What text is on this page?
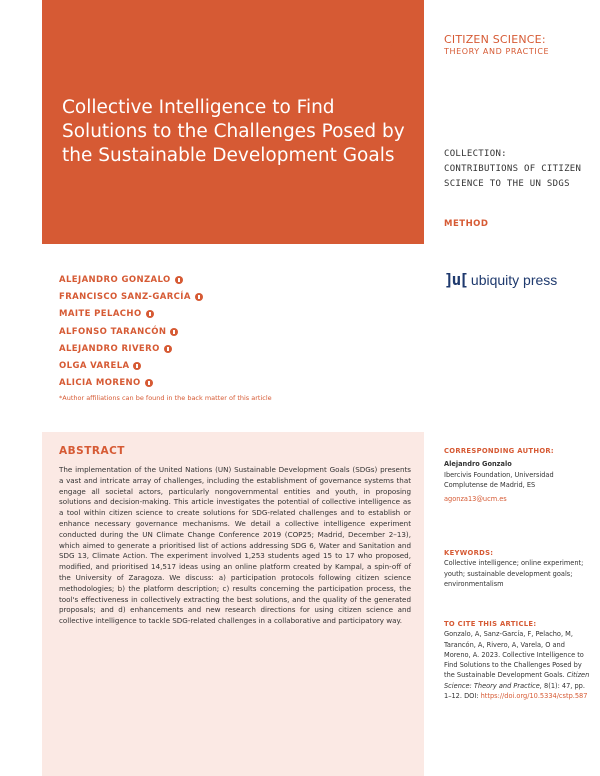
Collective Intelligence to Find Solutions to the Challenges Posed by the Sustainable Development Goals
CITIZEN SCIENCE:
THEORY AND PRACTICE
COLLECTION: CONTRIBUTIONS OF CITIZEN SCIENCE TO THE UN SDGS
METHOD
]u[ ubiquity press
ALEJANDRO GONZALO
FRANCISCO SANZ-GARCÍA
MAITE PELACHO
ALFONSO TARANCÓN
ALEJANDRO RIVERO
OLGA VARELA
ALICIA MORENO
*Author affiliations can be found in the back matter of this article
ABSTRACT

The implementation of the United Nations (UN) Sustainable Development Goals (SDGs) presents a vast and intricate array of challenges, including the establishment of governance systems that engage all societal actors, particularly nongovernmental entities and youth, in proposing solutions and decision-making. This article investigates the potential of collective intelligence as a tool within citizen science to create solutions for SDG-related challenges and to establish or enhance necessary governance mechanisms. We detail a collective intelligence experiment conducted during the UN Climate Change Conference 2019 (COP25; Madrid, December 2–13), which aimed to generate a prioritised list of actions addressing SDG 6, Water and Sanitation and SDG 13, Climate Action. The experiment involved 1,253 students aged 15 to 17 who proposed, modified, and prioritised 14,517 ideas using an online platform created by Kampal, a spin-off of the University of Zaragoza. We discuss: a) participation protocols following citizen science methodologies; b) the platform description; c) results concerning the participation process, the tool's effectiveness in collectively extracting the best solutions, and the quality of the generated proposals; and d) enhancements and new research directions for using citizen science and collective intelligence to tackle SDG-related challenges in a collaborative and participatory way.

CORRESPONDING AUTHOR:
Alejandro Gonzalo
Ibercivis Foundation, Universidad Complutense de Madrid, ES
agonza13@ucm.es
KEYWORDS:
Collective intelligence; online experiment; youth; sustainable development goals; environmentalism
TO CITE THIS ARTICLE:
Gonzalo, A, Sanz-García, F, Pelacho, M, Tarancón, A, Rivero, A, Varela, O and Moreno, A. 2023. Collective Intelligence to Find Solutions to the Challenges Posed by the Sustainable Development Goals. Citizen Science: Theory and Practice, 8(1): 47, pp. 1–12. DOI: https://doi.org/10.5334/cstp.587
